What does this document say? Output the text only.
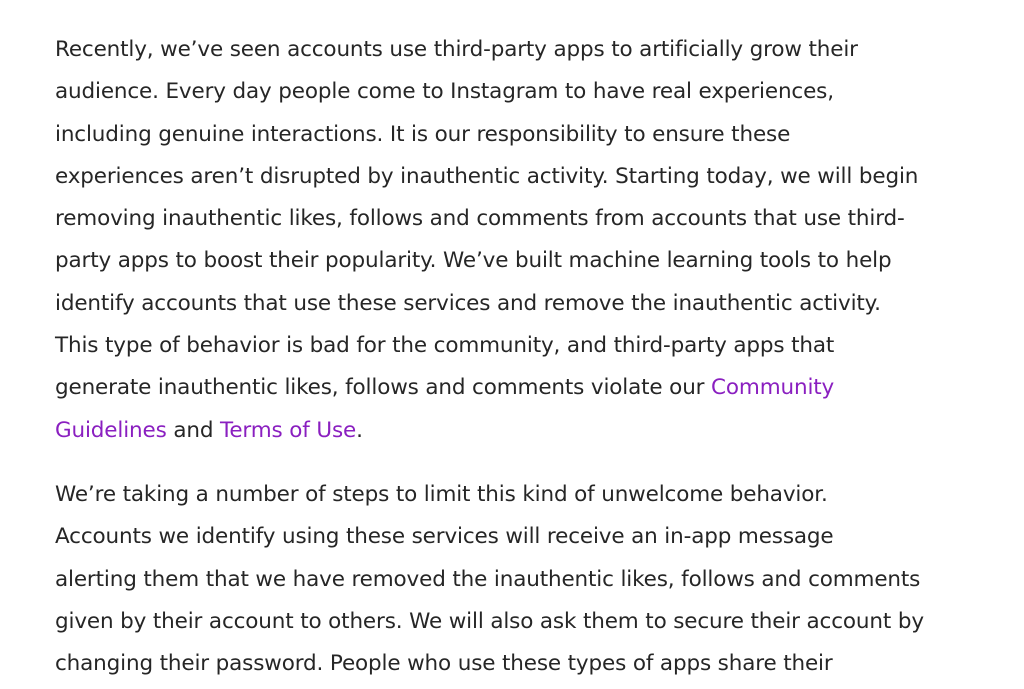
Recently, we’ve seen accounts use third-party apps to artificially grow their
audience. Every day people come to Instagram to have real experiences,
including genuine interactions. It is our responsibility to ensure these
experiences aren’t disrupted by inauthentic activity. Starting today, we will begin
removing inauthentic likes, follows and comments from accounts that use third-
party apps to boost their popularity. We’ve built machine learning tools to help
identify accounts that use these services and remove the inauthentic activity.
This type of behavior is bad for the community, and third-party apps that
generate inauthentic likes, follows and comments violate our Community
Guidelines and Terms of Use.

We’re taking a number of steps to limit this kind of unwelcome behavior.
Accounts we identify using these services will receive an in-app message
alerting them that we have removed the inauthentic likes, follows and comments
given by their account to others. We will also ask them to secure their account by
changing their password. People who use these types of apps share their
